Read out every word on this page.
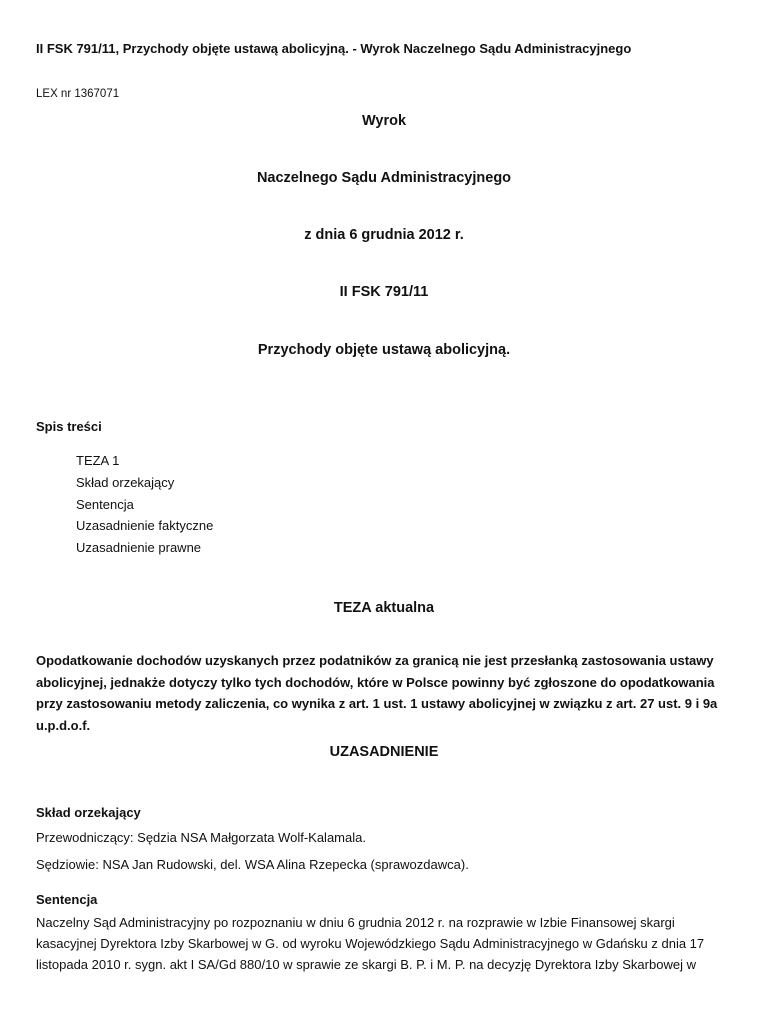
II FSK 791/11, Przychody objęte ustawą abolicyjną. - Wyrok Naczelnego Sądu Administracyjnego
LEX nr 1367071
Wyrok
Naczelnego Sądu Administracyjnego
z dnia 6 grudnia 2012 r.
II FSK 791/11
Przychody objęte ustawą abolicyjną.
Spis treści
TEZA 1
Skład orzekający
Sentencja
Uzasadnienie faktyczne
Uzasadnienie prawne
TEZA aktualna
Opodatkowanie dochodów uzyskanych przez podatników za granicą nie jest przesłanką zastosowania ustawy abolicyjnej, jednakże dotyczy tylko tych dochodów, które w Polsce powinny być zgłoszone do opodatkowania przy zastosowaniu metody zaliczenia, co wynika z art. 1 ust. 1 ustawy abolicyjnej w związku z art. 27 ust. 9 i 9a u.p.d.o.f.
UZASADNIENIE
Skład orzekający
Przewodniczący: Sędzia NSA Małgorzata Wolf-Kalamala.
Sędziowie: NSA Jan Rudowski, del. WSA Alina Rzepecka (sprawozdawca).
Sentencja
Naczelny Sąd Administracyjny po rozpoznaniu w dniu 6 grudnia 2012 r. na rozprawie w Izbie Finansowej skargi kasacyjnej Dyrektora Izby Skarbowej w G. od wyroku Wojewódzkiego Sądu Administracyjnego w Gdańsku z dnia 17 listopada 2010 r. sygn. akt I SA/Gd 880/10 w sprawie ze skargi B. P. i M. P. na decyzję Dyrektora Izby Skarbowej w
